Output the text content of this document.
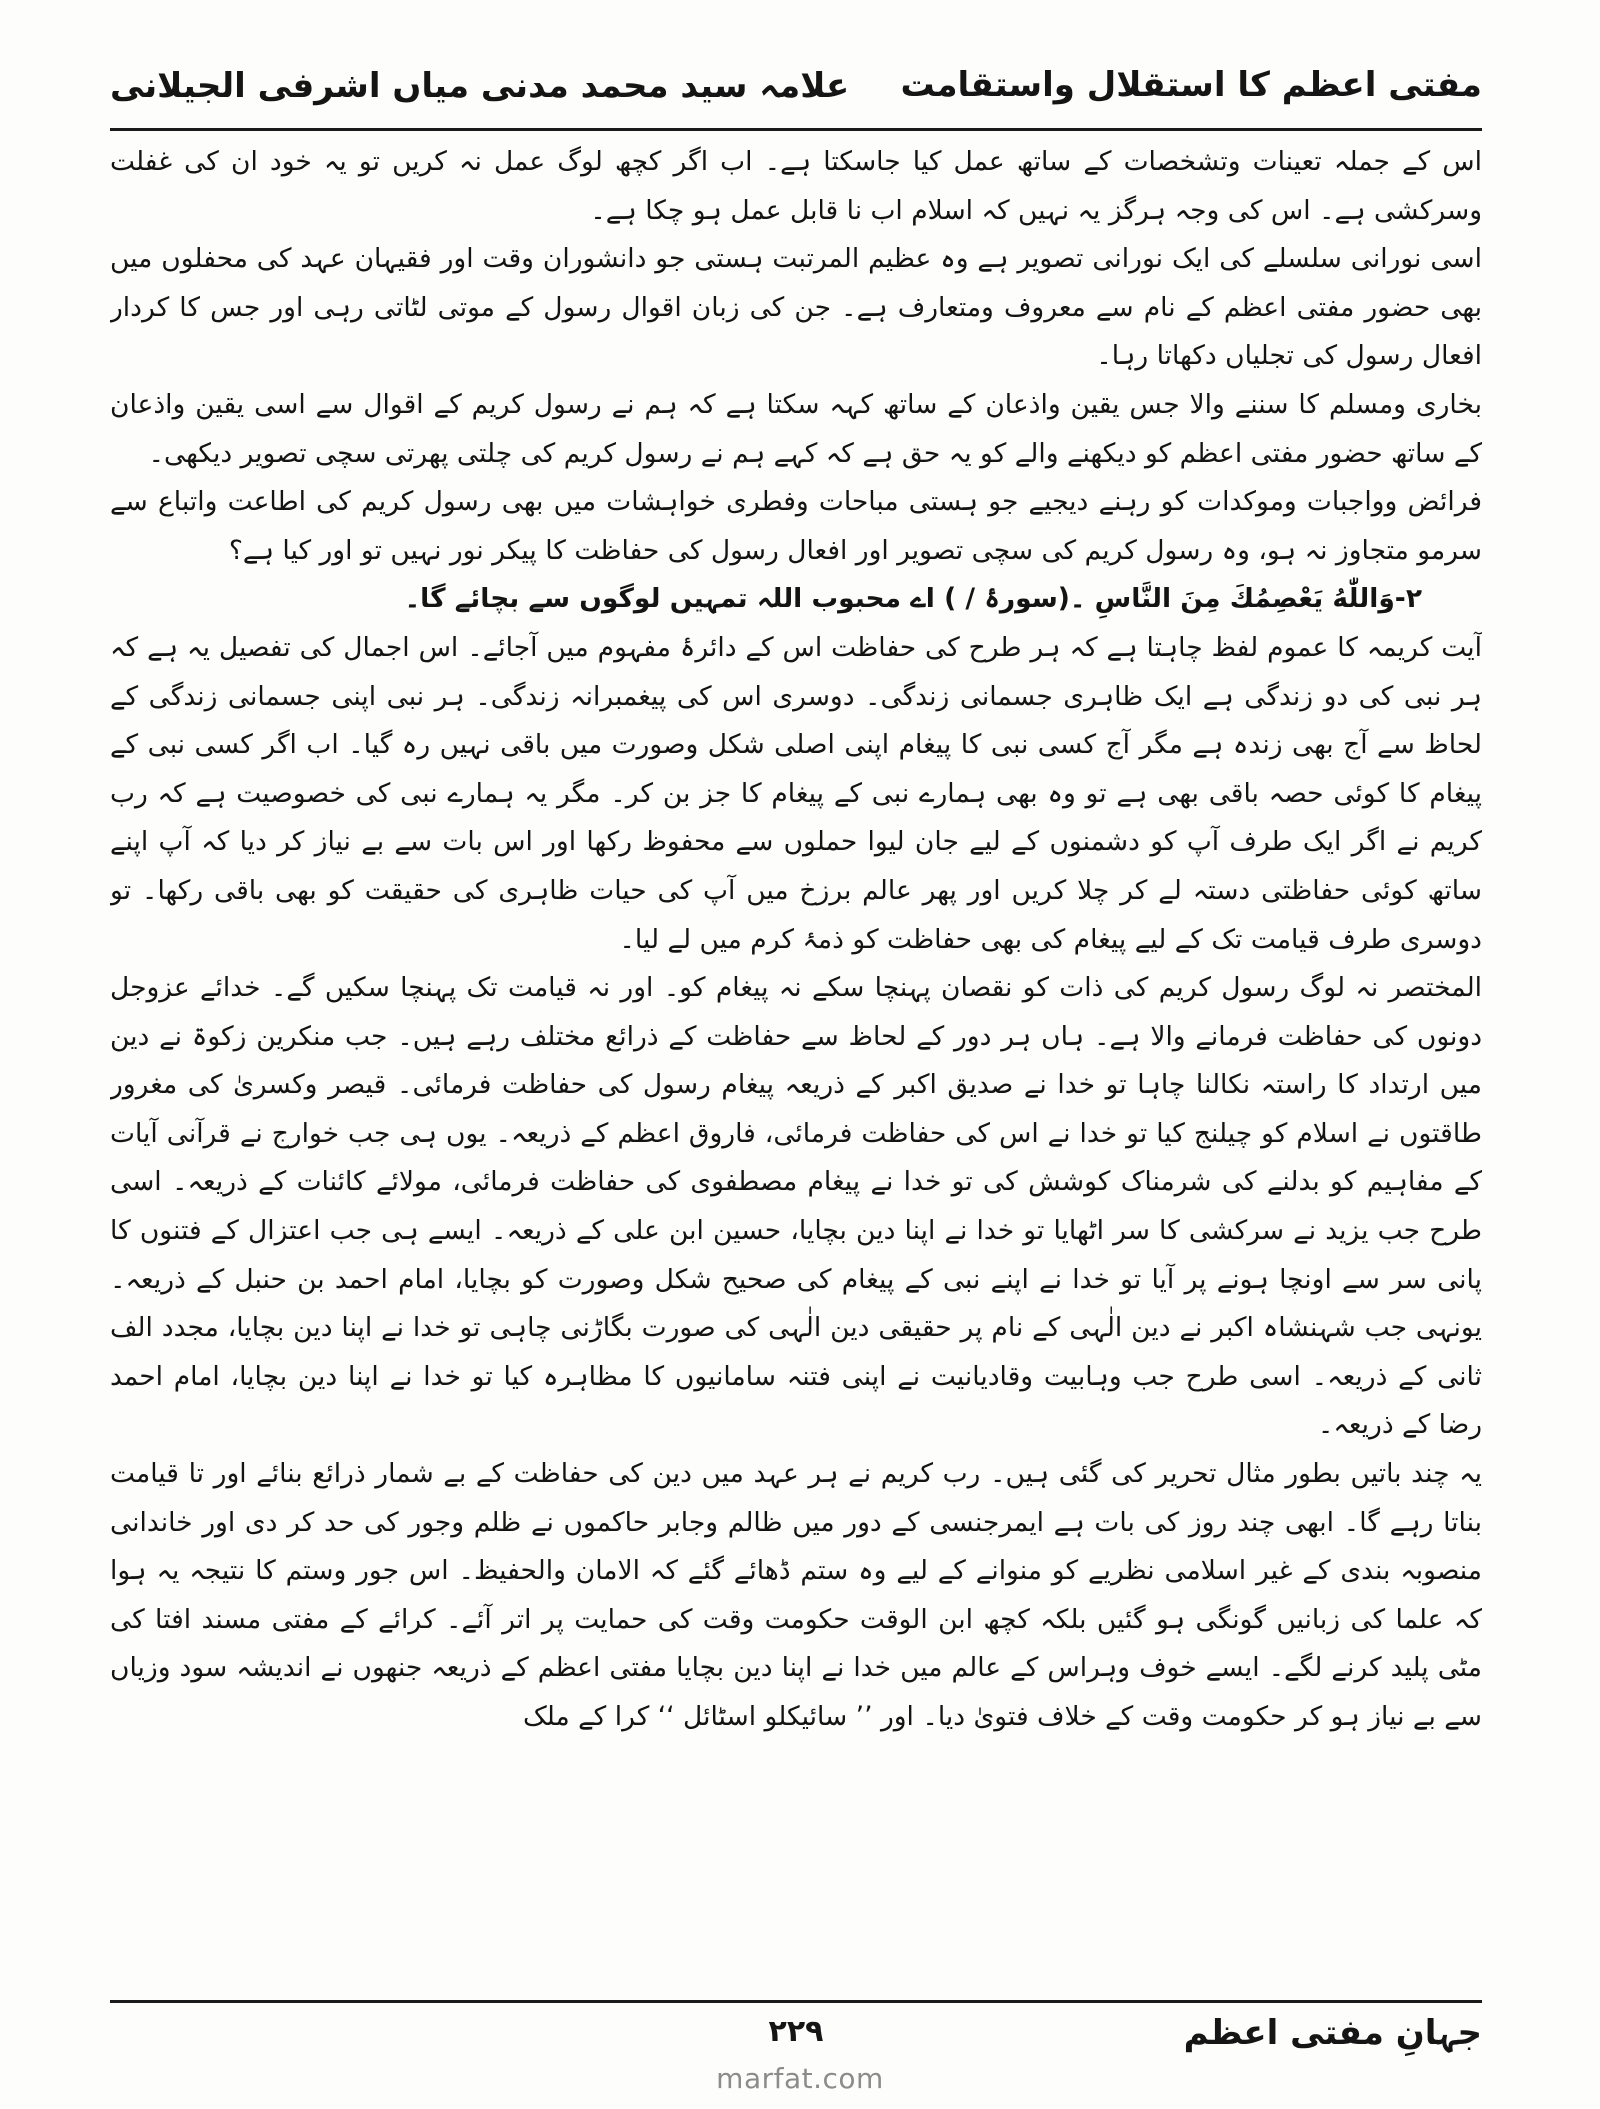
مفتی اعظم کا استقلال واستقامت
علامہ سید محمد مدنی میاں اشرفی الجیلانی

اس کے جملہ تعینات وتشخصات کے ساتھ عمل کیا جاسکتا ہے۔ اب اگر کچھ لوگ عمل نہ کریں تو یہ خود ان کی غفلت وسرکشی ہے۔ اس کی وجہ ہرگز یہ نہیں کہ اسلام اب نا قابل عمل ہو چکا ہے۔

اسی نورانی سلسلے کی ایک نورانی تصویر ہے وہ عظیم المرتبت ہستی جو دانشوران وقت اور فقیہان عہد کی محفلوں میں بھی حضور مفتی اعظم کے نام سے معروف ومتعارف ہے۔ جن کی زبان اقوال رسول کے موتی لٹاتی رہی اور جس کا کردار افعال رسول کی تجلیاں دکھاتا رہا۔

بخاری ومسلم کا سننے والا جس یقین واذعان کے ساتھ کہہ سکتا ہے کہ ہم نے رسول کریم کے اقوال سے اسی یقین واذعان کے ساتھ حضور مفتی اعظم کو دیکھنے والے کو یہ حق ہے کہ کہے ہم نے رسول کریم کی چلتی پھرتی سچی تصویر دیکھی۔

فرائض وواجبات وموکدات کو رہنے دیجیے جو ہستی مباحات وفطری خواہشات میں بھی رسول کریم کی اطاعت واتباع سے سرمو متجاوز نہ ہو، وہ رسول کریم کی سچی تصویر اور افعال رسول کی حفاظت کا پیکر نور نہیں تو اور کیا ہے؟

۲-وَاللّٰهُ يَعْصِمُكَ مِنَ النَّاسِ ۔(سورۂ / ) اے محبوب اللہ تمہیں لوگوں سے بچائے گا۔

آیت کریمہ کا عموم لفظ چاہتا ہے کہ ہر طرح کی حفاظت اس کے دائرۂ مفہوم میں آجائے۔ اس اجمال کی تفصیل یہ ہے کہ ہر نبی کی دو زندگی ہے ایک ظاہری جسمانی زندگی۔ دوسری اس کی پیغمبرانہ زندگی۔ ہر نبی اپنی جسمانی زندگی کے لحاظ سے آج بھی زندہ ہے مگر آج کسی نبی کا پیغام اپنی اصلی شکل وصورت میں باقی نہیں رہ گیا۔ اب اگر کسی نبی کے پیغام کا کوئی حصہ باقی بھی ہے تو وہ بھی ہمارے نبی کے پیغام کا جز بن کر۔ مگر یہ ہمارے نبی کی خصوصیت ہے کہ رب کریم نے اگر ایک طرف آپ کو دشمنوں کے لیے جان لیوا حملوں سے محفوظ رکھا اور اس بات سے بے نیاز کر دیا کہ آپ اپنے ساتھ کوئی حفاظتی دستہ لے کر چلا کریں اور پھر عالم برزخ میں آپ کی حیات ظاہری کی حقیقت کو بھی باقی رکھا۔ تو دوسری طرف قیامت تک کے لیے پیغام کی بھی حفاظت کو ذمۂ کرم میں لے لیا۔

المختصر نہ لوگ رسول کریم کی ذات کو نقصان پہنچا سکے نہ پیغام کو۔ اور نہ قیامت تک پہنچا سکیں گے۔ خدائے عزوجل دونوں کی حفاظت فرمانے والا ہے۔ ہاں ہر دور کے لحاظ سے حفاظت کے ذرائع مختلف رہے ہیں۔ جب منکرین زکوۃ نے دین میں ارتداد کا راستہ نکالنا چاہا تو خدا نے صدیق اکبر کے ذریعہ پیغام رسول کی حفاظت فرمائی۔ قیصر وکسریٰ کی مغرور طاقتوں نے اسلام کو چیلنج کیا تو خدا نے اس کی حفاظت فرمائی، فاروق اعظم کے ذریعہ۔ یوں ہی جب خوارج نے قرآنی آیات کے مفاہیم کو بدلنے کی شرمناک کوشش کی تو خدا نے پیغام مصطفوی کی حفاظت فرمائی، مولائے کائنات کے ذریعہ۔ اسی طرح جب یزید نے سرکشی کا سر اٹھایا تو خدا نے اپنا دین بچایا، حسین ابن علی کے ذریعہ۔ ایسے ہی جب اعتزال کے فتنوں کا پانی سر سے اونچا ہونے پر آیا تو خدا نے اپنے نبی کے پیغام کی صحیح شکل وصورت کو بچایا، امام احمد بن حنبل کے ذریعہ۔ یونہی جب شہنشاہ اکبر نے دین الٰہی کے نام پر حقیقی دین الٰہی کی صورت بگاڑنی چاہی تو خدا نے اپنا دین بچایا، مجدد الف ثانی کے ذریعہ۔ اسی طرح جب وہابیت وقادیانیت نے اپنی فتنہ سامانیوں کا مظاہرہ کیا تو خدا نے اپنا دین بچایا، امام احمد رضا کے ذریعہ۔

یہ چند باتیں بطور مثال تحریر کی گئی ہیں۔ رب کریم نے ہر عہد میں دین کی حفاظت کے بے شمار ذرائع بنائے اور تا قیامت بناتا رہے گا۔ ابھی چند روز کی بات ہے ایمرجنسی کے دور میں ظالم وجابر حاکموں نے ظلم وجور کی حد کر دی اور خاندانی منصوبہ بندی کے غیر اسلامی نظریے کو منوانے کے لیے وہ ستم ڈھائے گئے کہ الامان والحفیظ۔ اس جور وستم کا نتیجہ یہ ہوا کہ علما کی زبانیں گونگی ہو گئیں بلکہ کچھ ابن الوقت حکومت وقت کی حمایت پر اتر آئے۔ کرائے کے مفتی مسند افتا کی مٹی پلید کرنے لگے۔ ایسے خوف وہراس کے عالم میں خدا نے اپنا دین بچایا مفتی اعظم کے ذریعہ جنھوں نے اندیشہ سود وزیاں سے بے نیاز ہو کر حکومت وقت کے خلاف فتویٰ دیا۔ اور ’’ سائیکلو اسٹائل ‘‘ کرا کے ملک

جہانِ مفتی اعظم
۲۲۹
marfat.com
